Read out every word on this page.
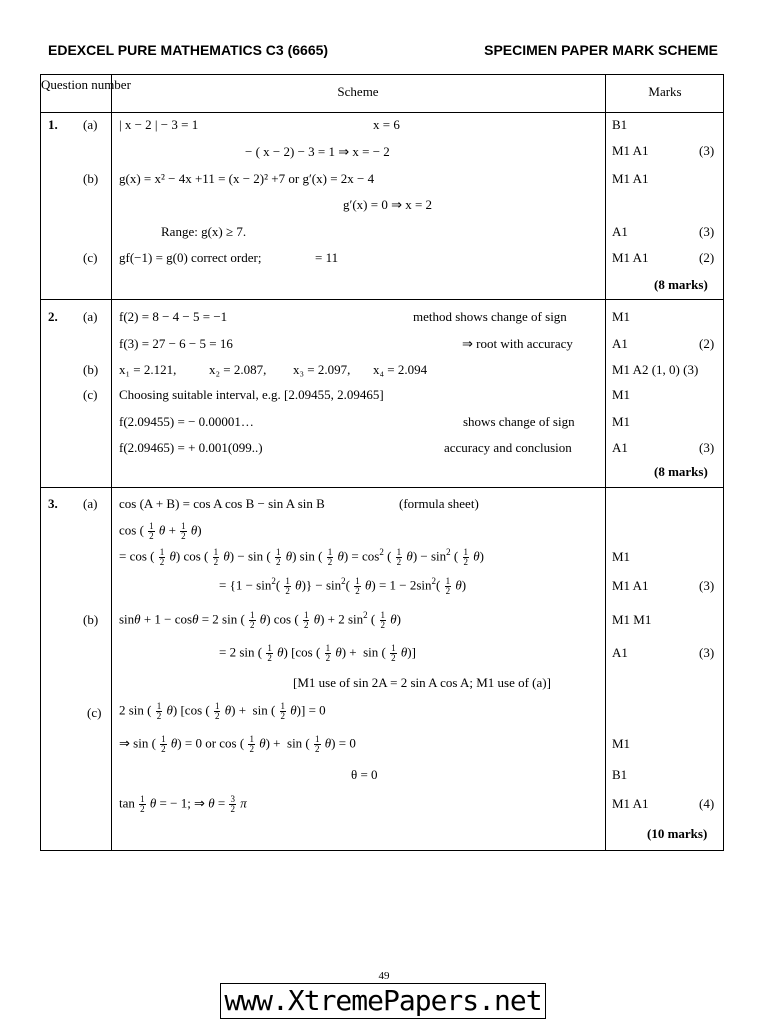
EDEXCEL PURE MATHEMATICS C3 (6665)	SPECIMEN PAPER MARK SCHEME
Question number	Scheme	Marks
1. (a) | x − 2 | − 3 = 1	x = 6	B1
− ( x − 2) − 3 = 1 ⇒ x = − 2	M1 A1	(3)
(b) g(x) = x² − 4x +11 = (x − 2)² +7 or g′(x) = 2x − 4	M1 A1
g′(x) = 0 ⇒ x = 2
Range: g(x) ≥ 7.	A1	(3)
(c) gf(−1) = g(0) correct order;	= 11	M1 A1	(2)
(8 marks)
2. (a) f(2) = 8 − 4 − 5 = −1	method shows change of sign	M1
f(3) = 27 − 6 − 5 = 16	⇒ root with accuracy	A1	(2)
(b) x₁ = 2.121,	x₂ = 2.087, x₃ = 2.097, x₄ = 2.094	M1 A2 (1, 0) (3)
(c) Choosing suitable interval, e.g. [2.09455, 2.09465]	M1
f(2.09455) = − 0.00001…	shows change of sign	M1
f(2.09465) = + 0.001(099..)	accuracy and conclusion	A1	(3)
(8 marks)
3. (a) cos (A + B) = cos A cos B − sin A sin B	(formula sheet)
cos ( $\frac{1}{2}$ $\theta + \frac{1}{2} \theta$)
= cos ( $\frac{1}{2} \theta$) cos ( $\frac{1}{2} \theta) - \sin$ ( $\frac{1}{2} \theta$) sin ( $\frac{1}{2} \theta) = \cos^2$ ( $\frac{1}{2} \theta) - \sin^2$ ( $\frac{1}{2} \theta$)	M1
= $\{1 - \sin^2( \frac{1}{2} \theta)\} - \sin^2( \frac{1}{2} \theta) = 1 - 2\sin^2( \frac{1}{2} \theta)$	M1 A1	(3)
(b) sinθ + 1 − cosθ = 2 sin ( $\frac{1}{2} \theta$) cos ( $\frac{1}{2} \theta) + 2$ $\sin^2$ ( $\frac{1}{2} \theta$)	M1 M1
= 2 sin ( $\frac{1}{2} \theta$) [cos ( $\frac{1}{2} \theta) + \sin$ ( $\frac{1}{2} \theta$)]	A1	(3)
[M1 use of sin 2A = 2 sin A cos A; M1 use of (a)]
(c) 2 sin ( $\frac{1}{2} \theta$) [cos ( $\frac{1}{2} \theta) + \sin$ ( $\frac{1}{2} \theta)] = 0$
⇒ sin ( $\frac{1}{2} \theta) = 0$ or cos ( $\frac{1}{2} \theta) + \sin$ ( $\frac{1}{2} \theta) = 0$	M1
θ = 0	B1
$\tan \frac{1}{2}$ θ = − 1; ⇒ $\theta = \frac{3}{2}$ π	M1 A1	(4)
(10 marks)
49
www.XtremePapers.net
